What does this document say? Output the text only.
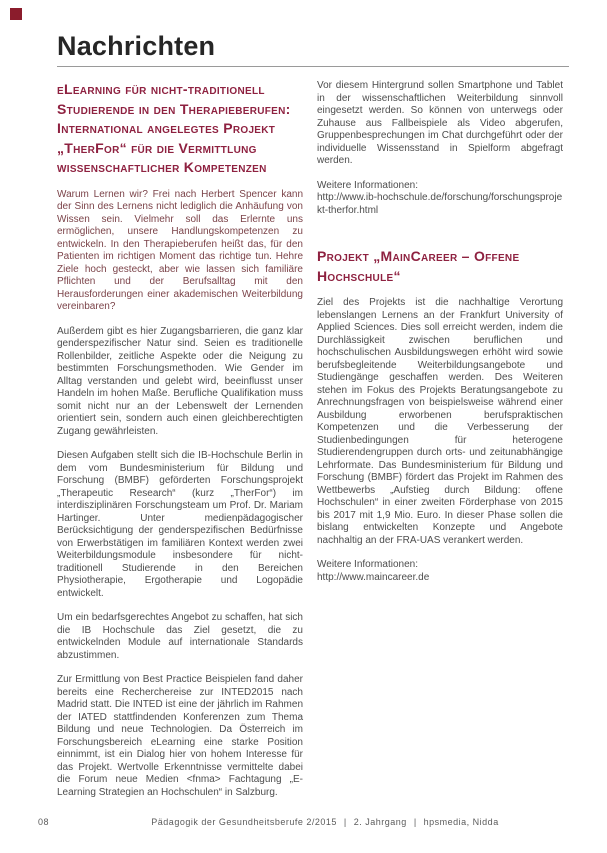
Nachrichten
eLearning für nicht-traditionell Studierende in den Therapieberufen: International angelegtes Projekt „TherFor“ für die Vermittlung wissenschaftlicher Kompetenzen

Warum Lernen wir? Frei nach Herbert Spencer kann der Sinn des Lernens nicht lediglich die Anhäufung von Wissen sein. Vielmehr soll das Erlernte uns ermöglichen, unsere Handlungskompetenzen zu entwickeln. In den Therapieberufen heißt das, für den Patienten im richtigen Moment das richtige tun. Hehre Ziele hoch gesteckt, aber wie lassen sich familiäre Pflichten und der Berufsalltag mit den Herausforderungen einer akademischen Weiterbildung vereinbaren?

Außerdem gibt es hier Zugangsbarrieren, die ganz klar genderspezifischer Natur sind. Seien es traditionelle Rollenbilder, zeitliche Aspekte oder die Neigung zu bestimmten Forschungsmethoden. Wie Gender im Alltag verstanden und gelebt wird, beeinflusst unser Handeln im hohen Maße. Berufliche Qualifikation muss somit nicht nur an der Lebenswelt der Lernenden orientiert sein, sondern auch einen gleichberechtigten Zugang gewährleisten.

Diesen Aufgaben stellt sich die IB-Hochschule Berlin in dem vom Bundesministerium für Bildung und Forschung (BMBF) geförderten Forschungsprojekt „Therapeutic Research“ (kurz „TherFor“) im interdisziplinären Forschungsteam um Prof. Dr. Mariam Hartinger. Unter medienpädagogischer Berücksichtigung der genderspezifischen Bedürfnisse von Erwerbstätigen im familiären Kontext werden zwei Weiterbildungsmodule insbesondere für nicht-traditionell Studierende in den Bereichen Physiotherapie, Ergotherapie und Logopädie entwickelt.

Um ein bedarfsgerechtes Angebot zu schaffen, hat sich die IB Hochschule das Ziel gesetzt, die zu entwickelnden Module auf internationale Standards abzustimmen.

Zur Ermittlung von Best Practice Beispielen fand daher bereits eine Recherchereise zur INTED2015 nach Madrid statt. Die INTED ist eine der jährlich im Rahmen der IATED stattfindenden Konferenzen zum Thema Bildung und neue Technologien. Da Österreich im Forschungsbereich eLearning eine starke Position einnimmt, ist ein Dialog hier von hohem Interesse für das Projekt. Wertvolle Erkenntnisse vermittelte dabei die Forum neue Medien <fnma> Fachtagung „E-Learning Strategien an Hochschulen“ in Salzburg.

Vor diesem Hintergrund sollen Smartphone und Tablet in der wissenschaftlichen Weiterbildung sinnvoll eingesetzt werden. So können von unterwegs oder Zuhause aus Fallbeispiele als Video abgerufen, Gruppenbesprechungen im Chat durchgeführt oder der individuelle Wissensstand in Spielform abgefragt werden.

Weitere Informationen:

http://www.ib-hochschule.de/forschung/forschungsprojekt-therfor.html

Projekt „MainCareer – Offene Hochschule“

Ziel des Projekts ist die nachhaltige Verortung lebenslangen Lernens an der Frankfurt University of Applied Sciences. Dies soll erreicht werden, indem die Durchlässigkeit zwischen beruflichen und hochschulischen Ausbildungswegen erhöht wird sowie berufsbegleitende Weiterbildungsangebote und Studiengänge geschaffen werden. Des Weiteren stehen im Fokus des Projekts Beratungsangebote zu Anrechnungsfragen von beispielsweise während einer Ausbildung erworbenen berufspraktischen Kompetenzen und die Verbesserung der Studienbedingungen für heterogene Studierendengruppen durch orts- und zeitunabhängige Lehrformate. Das Bundesministerium für Bildung und Forschung (BMBF) fördert das Projekt im Rahmen des Wettbewerbs „Aufstieg durch Bildung: offene Hochschulen“ in einer zweiten Förderphase von 2015 bis 2017 mit 1,9 Mio. Euro. In dieser Phase sollen die bislang entwickelten Konzepte und Angebote nachhaltig an der FRA-UAS verankert werden.

Weitere Informationen:

http://www.maincareer.de

08	Pädagogik der Gesundheitsberufe 2/2015 | 2. Jahrgang | hpsmedia, Nidda
